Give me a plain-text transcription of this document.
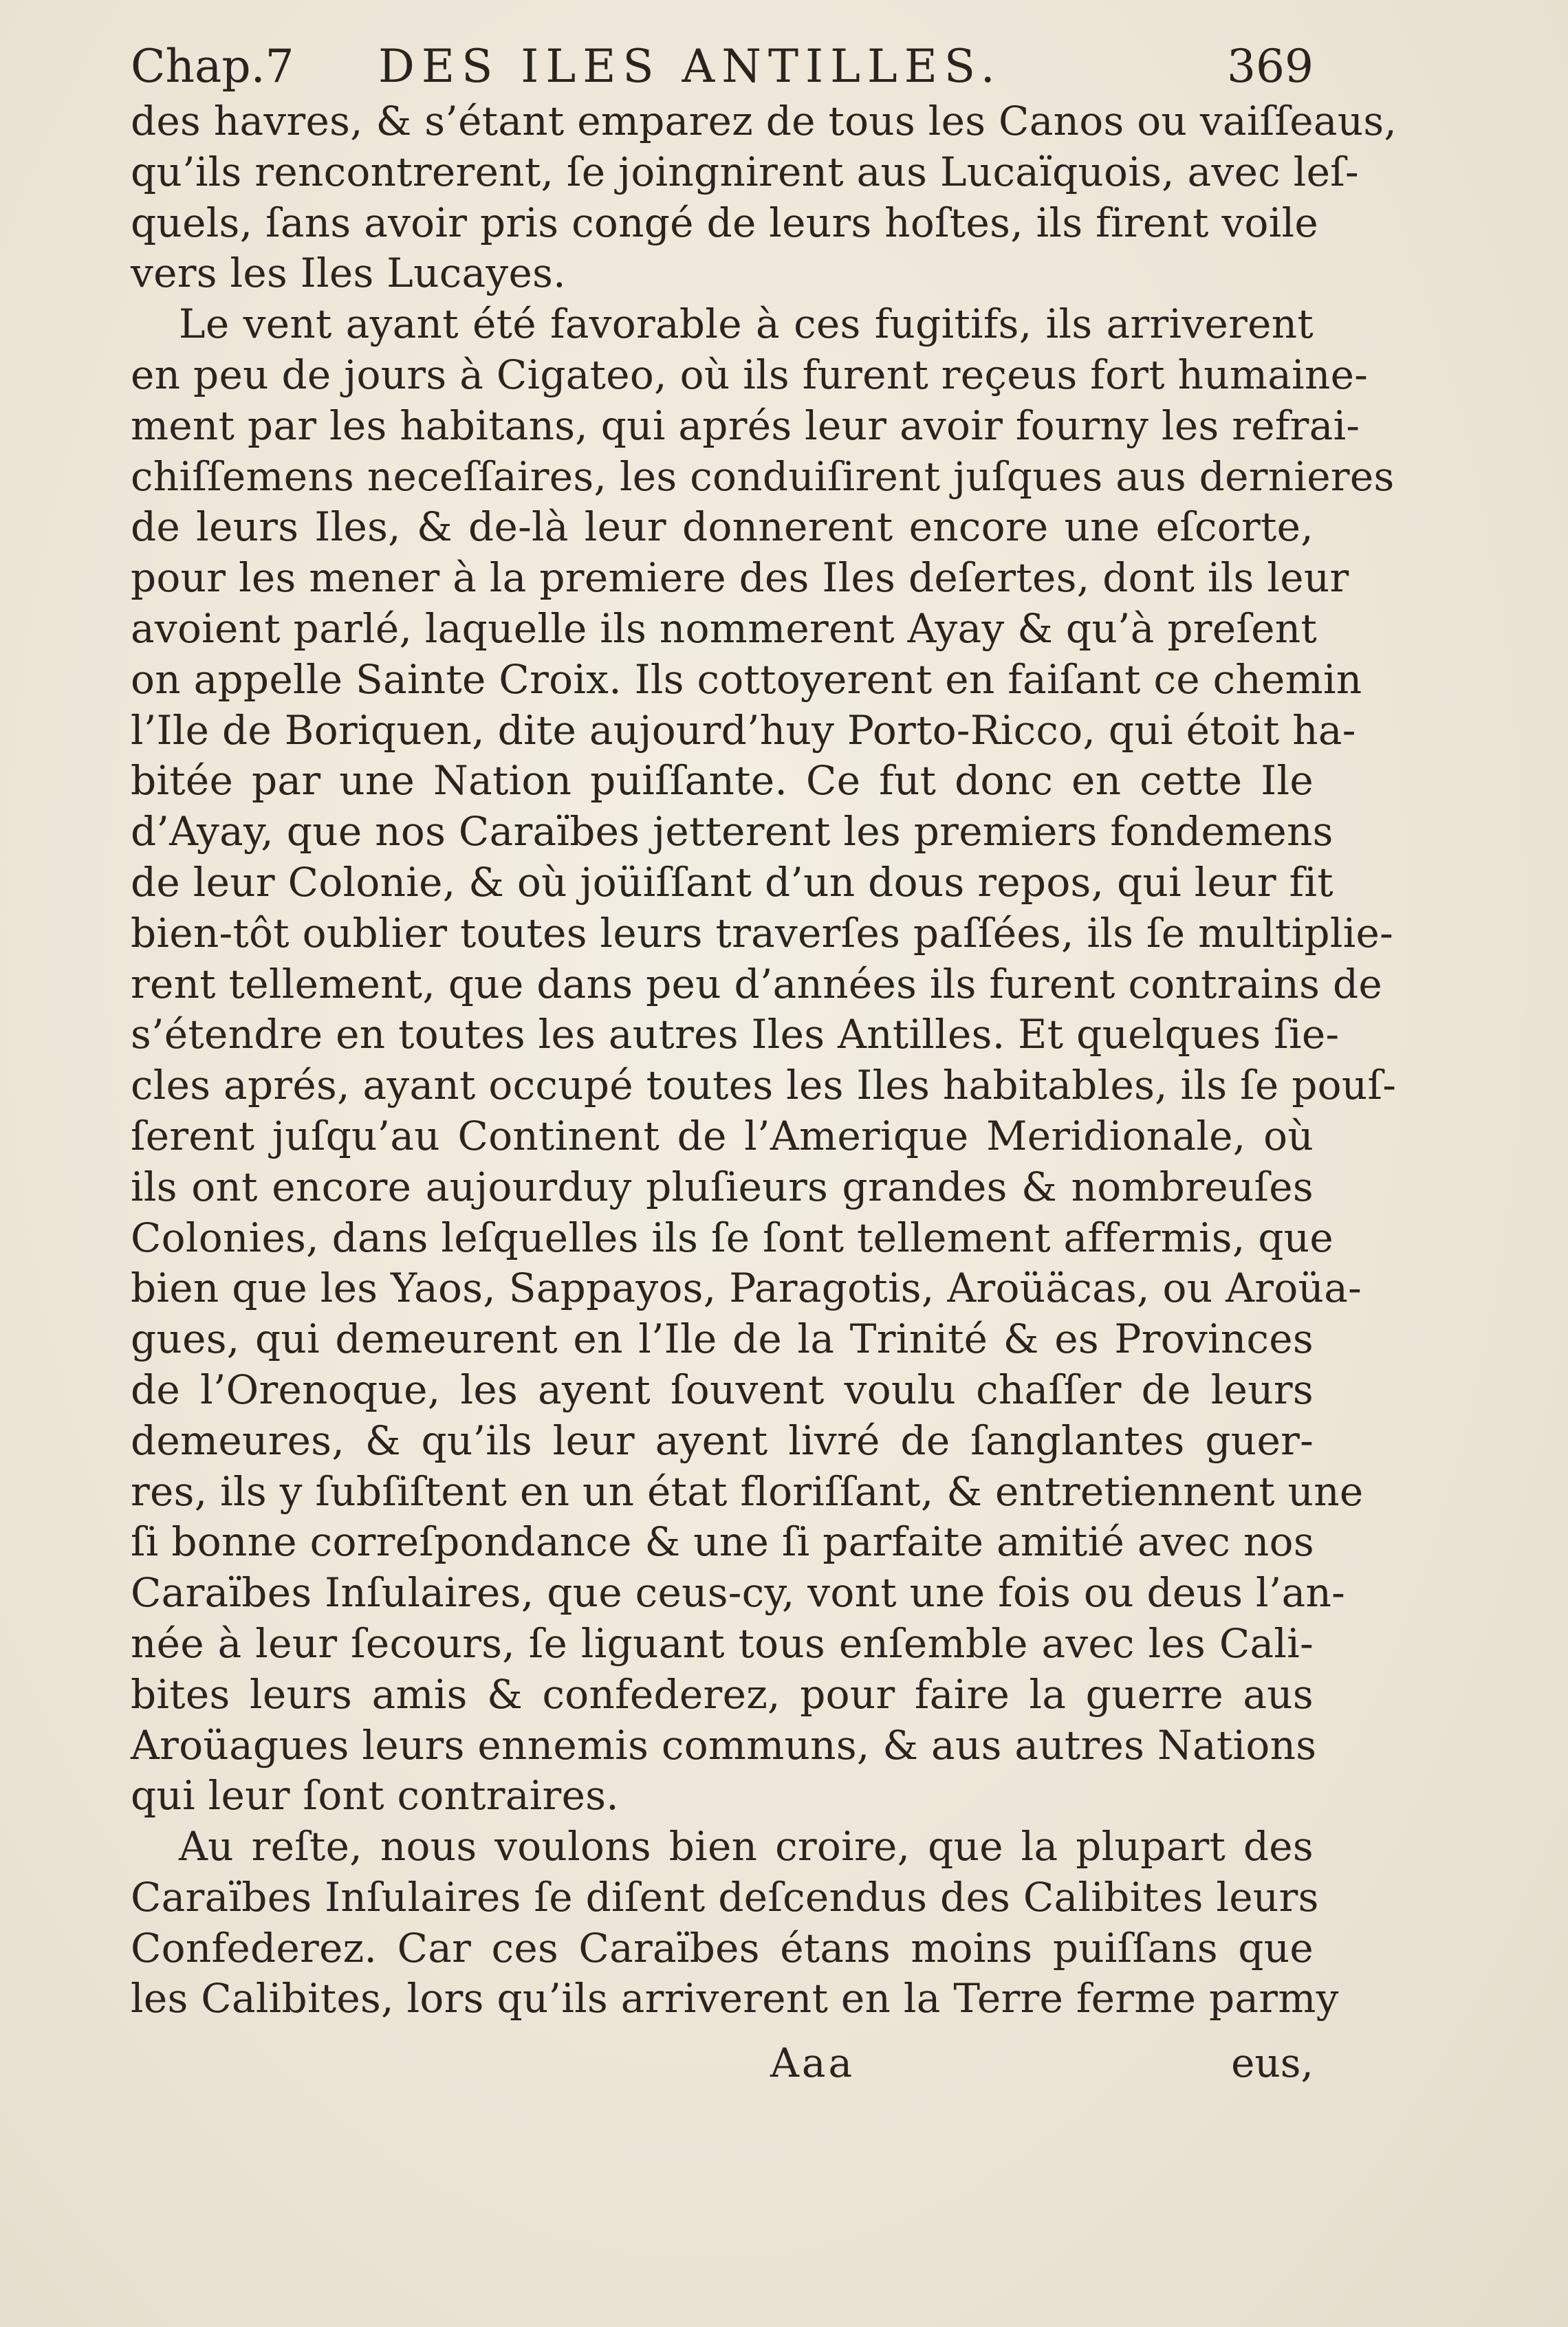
Chap.7 DES ILES ANTILLES.	369
des havres, & s’étant emparez de tous les Canos ou vaiſſeaus,
qu’ils rencontrerent, ſe joingnirent aus Lucaïquois, avec leſ-
quels, ſans avoir pris congé de leurs hoſtes, ils firent voile
vers les Iles Lucayes.
Le vent ayant été favorable à ces fugitifs, ils arriverent
en peu de jours à Cigateo, où ils furent reçeus fort humaine-
ment par les habitans, qui aprés leur avoir fourny les refrai-
chiſſemens neceſſaires, les conduiſirent juſques aus dernieres
de leurs Iles, & de-là leur donnerent encore une eſcorte,
pour les mener à la premiere des Iles deſertes, dont ils leur
avoient parlé, laquelle ils nommerent Ayay & qu’à preſent
on appelle Sainte Croix. Ils cottoyerent en faiſant ce chemin
l’Ile de Boriquen, dite aujourd’huy Porto-Ricco, qui étoit ha-
bitée par une Nation puiſſante. Ce fut donc en cette Ile
d’Ayay, que nos Caraïbes jetterent les premiers fondemens
de leur Colonie, & où joüiſſant d’un dous repos, qui leur fit
bien-tôt oublier toutes leurs traverſes paſſées, ils ſe multiplie-
rent tellement, que dans peu d’années ils furent contrains de
s’étendre en toutes les autres Iles Antilles. Et quelques ſie-
cles aprés, ayant occupé toutes les Iles habitables, ils ſe pouſ-
ſerent juſqu’au Continent de l’Amerique Meridionale, où
ils ont encore aujourduy pluſieurs grandes & nombreuſes
Colonies, dans leſquelles ils ſe ſont tellement affermis, que
bien que les Yaos, Sappayos, Paragotis, Aroüäcas, ou Aroüa-
gues, qui demeurent en l’Ile de la Trinité & es Provinces
de l’Orenoque, les ayent ſouvent voulu chaſſer de leurs
demeures, & qu’ils leur ayent livré de ſanglantes guer-
res, ils y ſubſiſtent en un état floriſſant, & entretiennent une
ſi bonne correſpondance & une ſi parfaite amitié avec nos
Caraïbes Inſulaires, que ceus-cy, vont une fois ou deus l’an-
née à leur ſecours, ſe liguant tous enſemble avec les Cali-
bites leurs amis & confederez, pour faire la guerre aus
Aroüagues leurs ennemis communs, & aus autres Nations
qui leur ſont contraires.
Au reſte, nous voulons bien croire, que la plupart des
Caraïbes Inſulaires ſe diſent deſcendus des Calibites leurs
Confederez. Car ces Caraïbes étans moins puiſſans que
les Calibites, lors qu’ils arriverent en la Terre ferme parmy
Aaa	eus,
